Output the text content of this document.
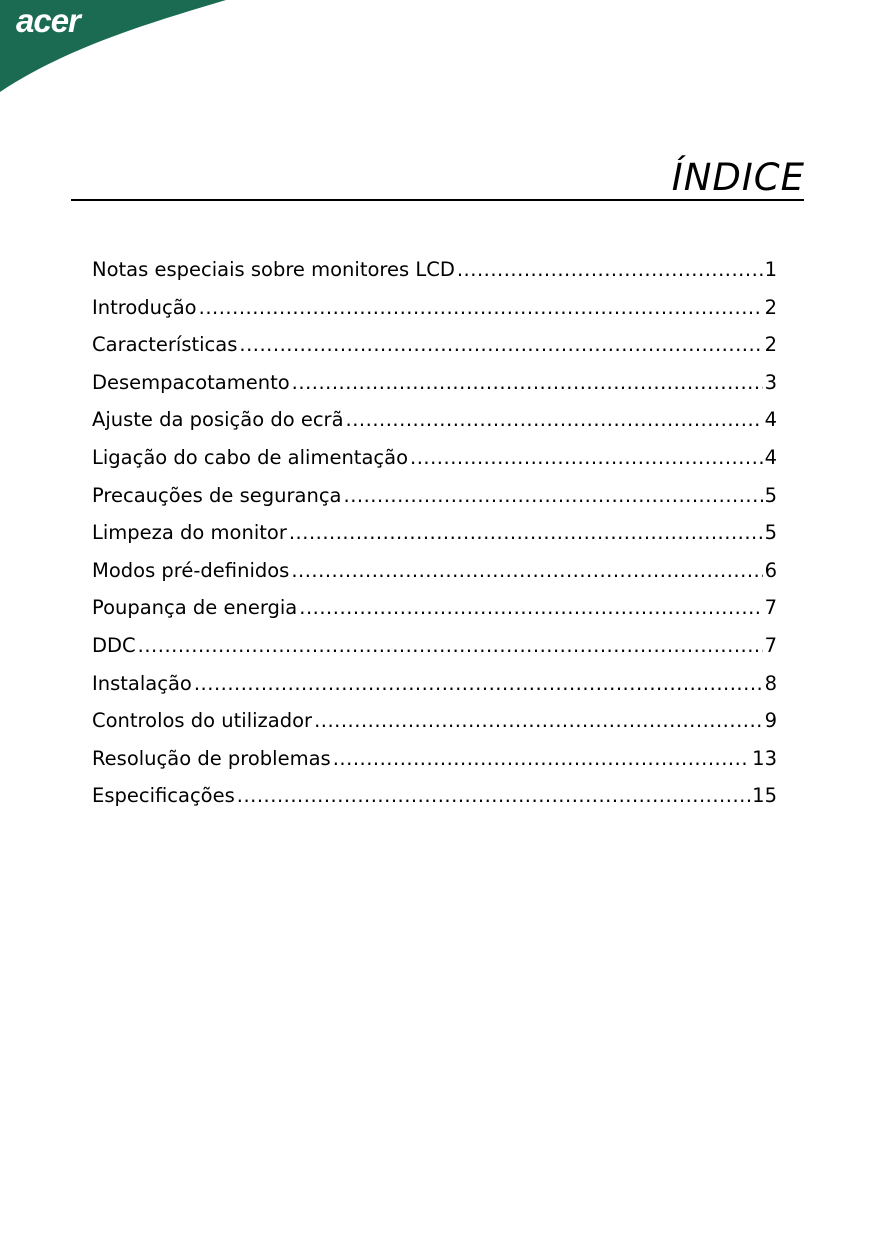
acer
ÍNDICE
Notas especiais sobre monitores LCD .....	1
Introdução .....	2
Características .....	2
Desempacotamento .....	3
Ajuste da posição do ecrã .....	4
Ligação do cabo de alimentação .....	4
Precauções de segurança .....	5
Limpeza do monitor .....	5
Modos pré-definidos .....	6
Poupança de energia .....	7
DDC .....	7
Instalação .....	8
Controlos do utilizador .....	9
Resolução de problemas .....	13
Especificações .....	15
